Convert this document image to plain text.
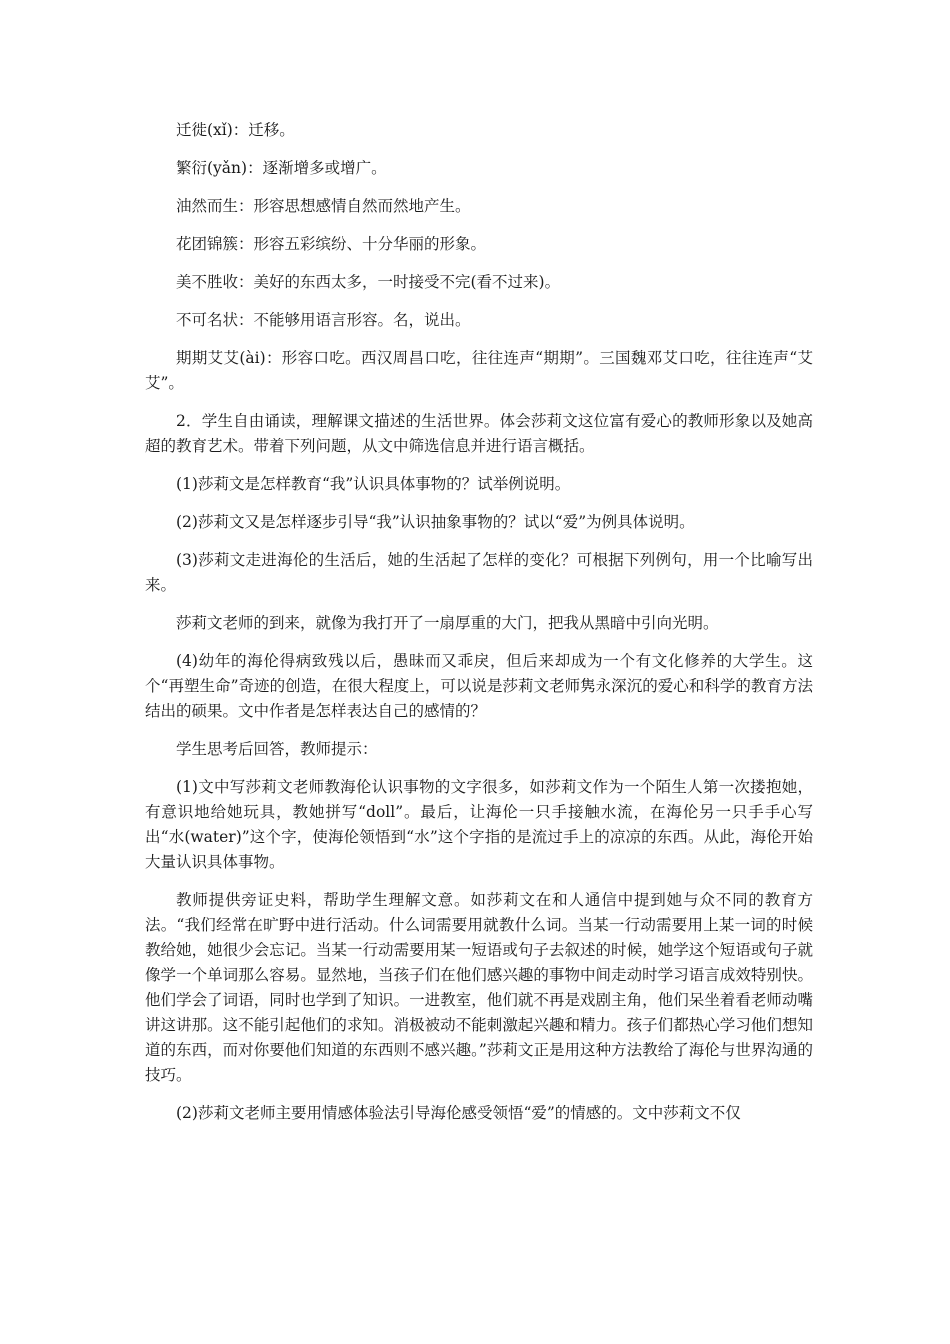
迁徙(xǐ)：迁移。

繁衍(yǎn)：逐渐增多或增广。

油然而生：形容思想感情自然而然地产生。

花团锦簇：形容五彩缤纷、十分华丽的形象。

美不胜收：美好的东西太多，一时接受不完(看不过来)。

不可名状：不能够用语言形容。名，说出。

期期艾艾(ài)：形容口吃。西汉周昌口吃，往往连声“期期”。三国魏邓艾口吃，往往连声“艾艾”。

2．学生自由诵读，理解课文描述的生活世界。体会莎莉文这位富有爱心的教师形象以及她高超的教育艺术。带着下列问题，从文中筛选信息并进行语言概括。

(1)莎莉文是怎样教育“我”认识具体事物的？试举例说明。

(2)莎莉文又是怎样逐步引导“我”认识抽象事物的？试以“爱”为例具体说明。

(3)莎莉文走进海伦的生活后，她的生活起了怎样的变化？可根据下列例句，用一个比喻写出来。

莎莉文老师的到来，就像为我打开了一扇厚重的大门，把我从黑暗中引向光明。

(4)幼年的海伦得病致残以后，愚昧而又乖戾，但后来却成为一个有文化修养的大学生。这个“再塑生命”奇迹的创造，在很大程度上，可以说是莎莉文老师隽永深沉的爱心和科学的教育方法结出的硕果。文中作者是怎样表达自己的感情的？

学生思考后回答，教师提示：

(1)文中写莎莉文老师教海伦认识事物的文字很多，如莎莉文作为一个陌生人第一次搂抱她，有意识地给她玩具，教她拼写“doll”。最后，让海伦一只手接触水流，在海伦另一只手手心写出“水(water)”这个字，使海伦领悟到“水”这个字指的是流过手上的凉凉的东西。从此，海伦开始大量认识具体事物。

教师提供旁证史料，帮助学生理解文意。如莎莉文在和人通信中提到她与众不同的教育方法。“我们经常在旷野中进行活动。什么词需要用就教什么词。当某一行动需要用上某一词的时候教给她，她很少会忘记。当某一行动需要用某一短语或句子去叙述的时候，她学这个短语或句子就像学一个单词那么容易。显然地，当孩子们在他们感兴趣的事物中间走动时学习语言成效特别快。他们学会了词语，同时也学到了知识。一进教室，他们就不再是戏剧主角，他们呆坐着看老师动嘴讲这讲那。这不能引起他们的求知。消极被动不能刺激起兴趣和精力。孩子们都热心学习他们想知道的东西，而对你要他们知道的东西则不感兴趣。”莎莉文正是用这种方法教给了海伦与世界沟通的技巧。

(2)莎莉文老师主要用情感体验法引导海伦感受领悟“爱”的情感的。文中莎莉文不仅
